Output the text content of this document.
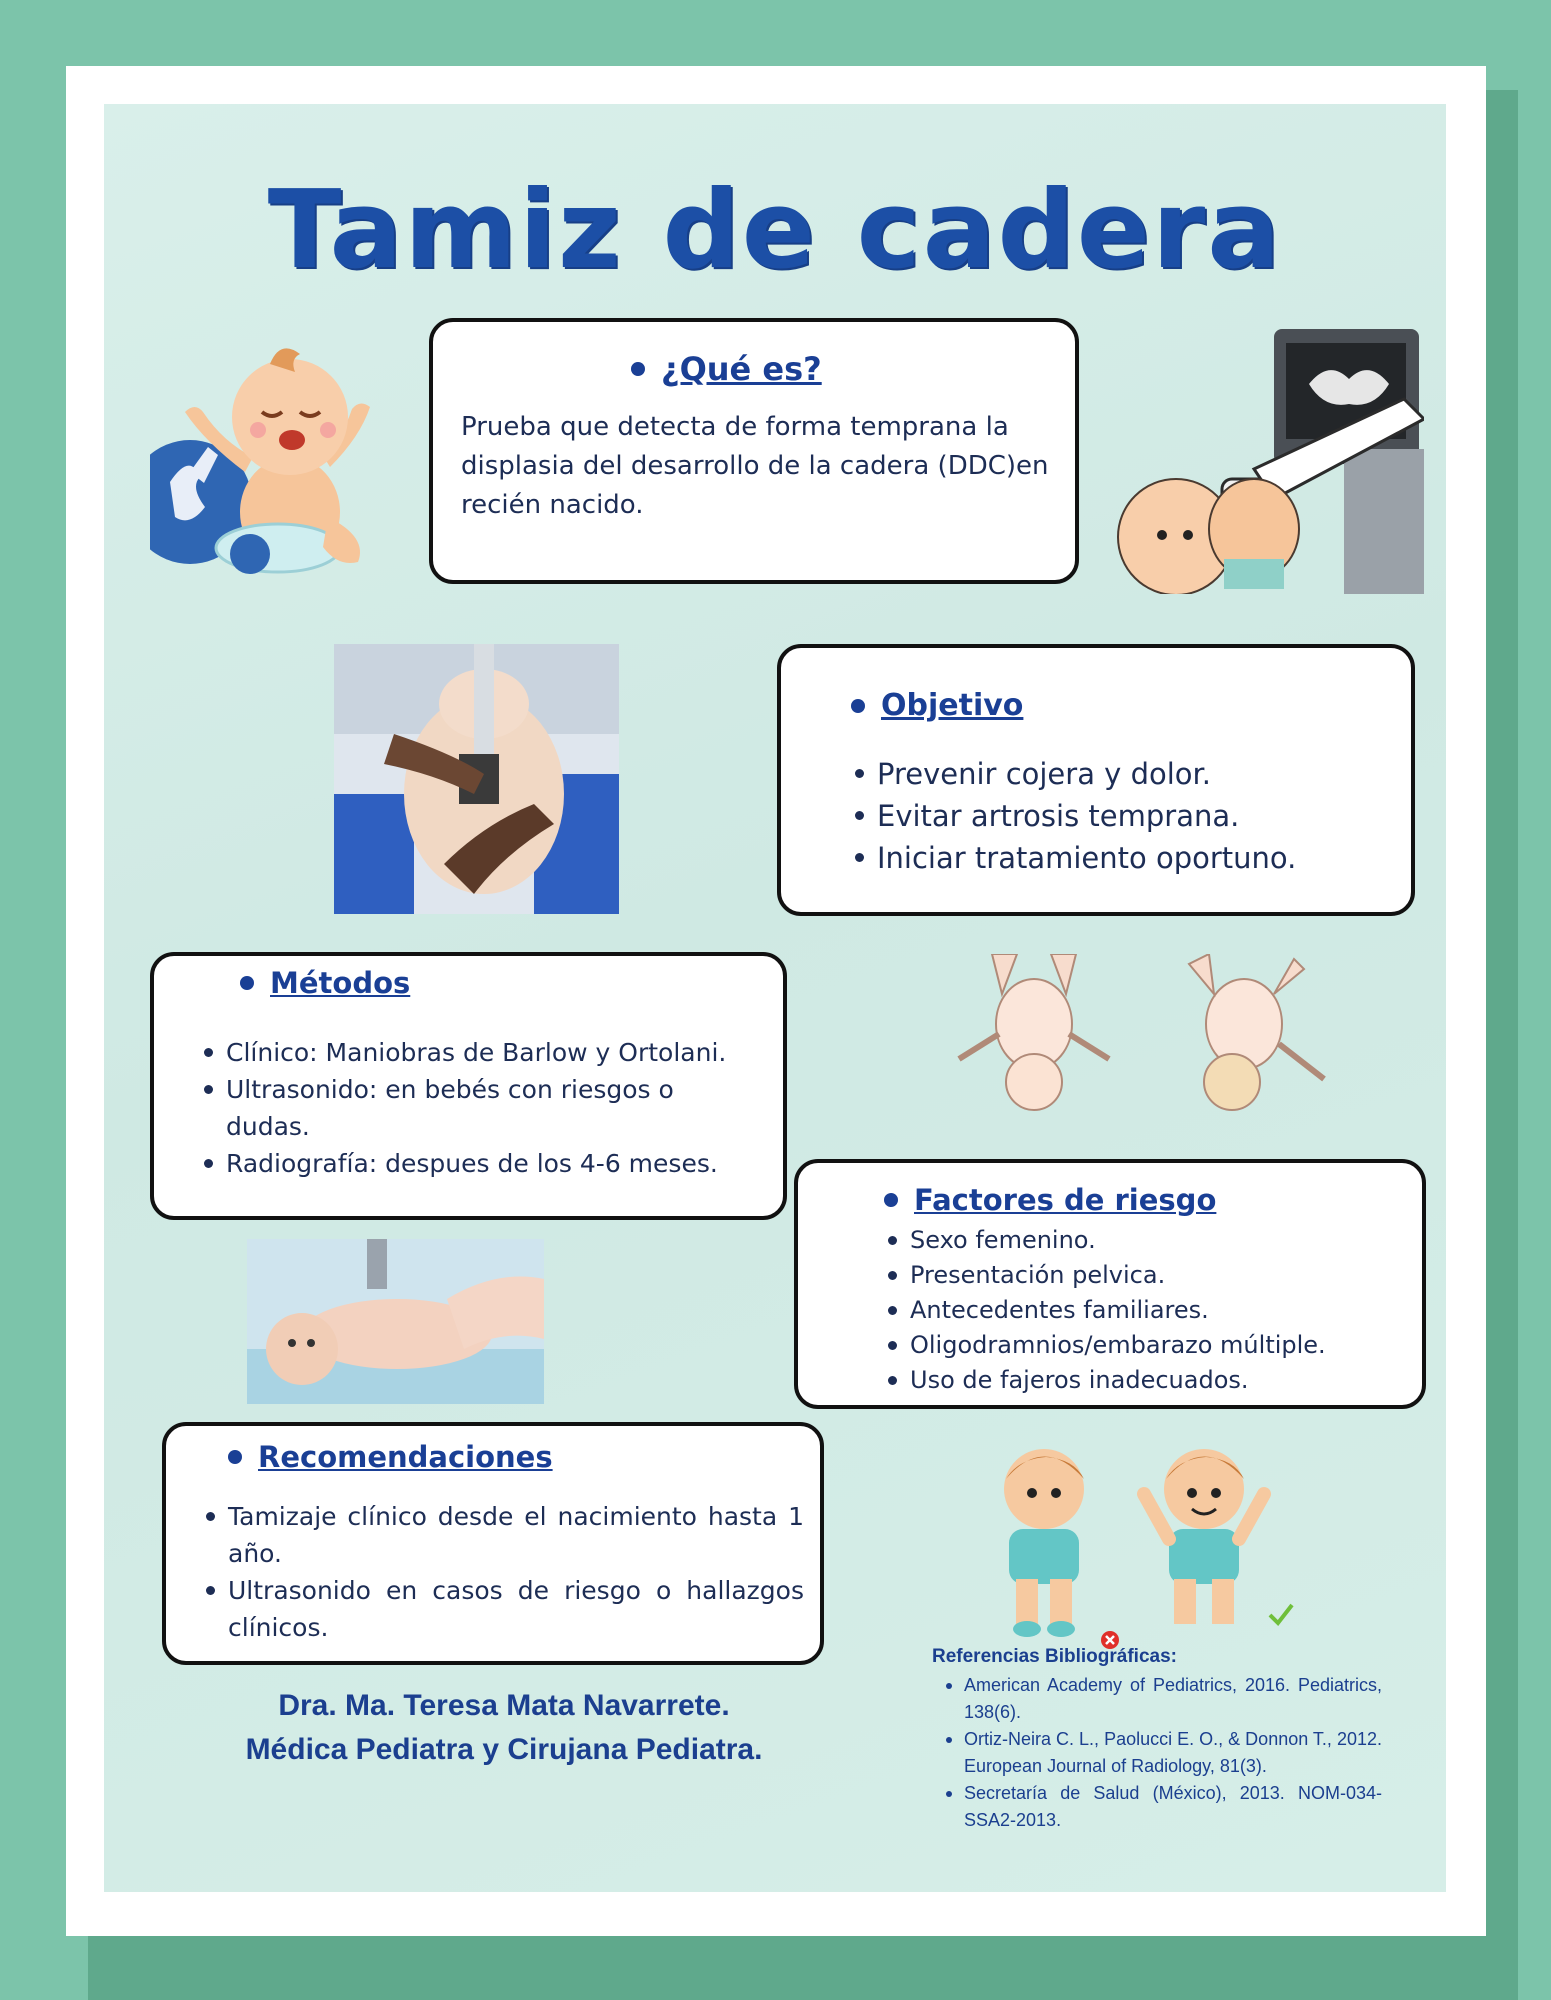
Tamiz de cadera
¿Qué es?
Prueba que detecta de forma temprana la displasia del desarrollo de la cadera (DDC)en recién nacido.
Objetivo
Prevenir cojera y dolor.
Evitar artrosis temprana.
Iniciar tratamiento oportuno.
Métodos
Clínico: Maniobras de Barlow y Ortolani.
Ultrasonido: en bebés con riesgos o dudas.
Radiografía: despues de los 4-6 meses.
Factores de riesgo
Sexo femenino.
Presentación pelvica.
Antecedentes familiares.
Oligodramnios/embarazo múltiple.
Uso de fajeros inadecuados.
Recomendaciones
Tamizaje clínico desde el nacimiento hasta 1 año.
Ultrasonido en casos de riesgo o hallazgos clínicos.
Dra. Ma. Teresa Mata Navarrete.
Médica Pediatra y Cirujana Pediatra.
Referencias Bibliográficas:
American Academy of Pediatrics, 2016. Pediatrics, 138(6).
Ortiz-Neira C. L., Paolucci E. O., & Donnon T., 2012. European Journal of Radiology, 81(3).
Secretaría de Salud (México), 2013. NOM-034-SSA2-2013.
